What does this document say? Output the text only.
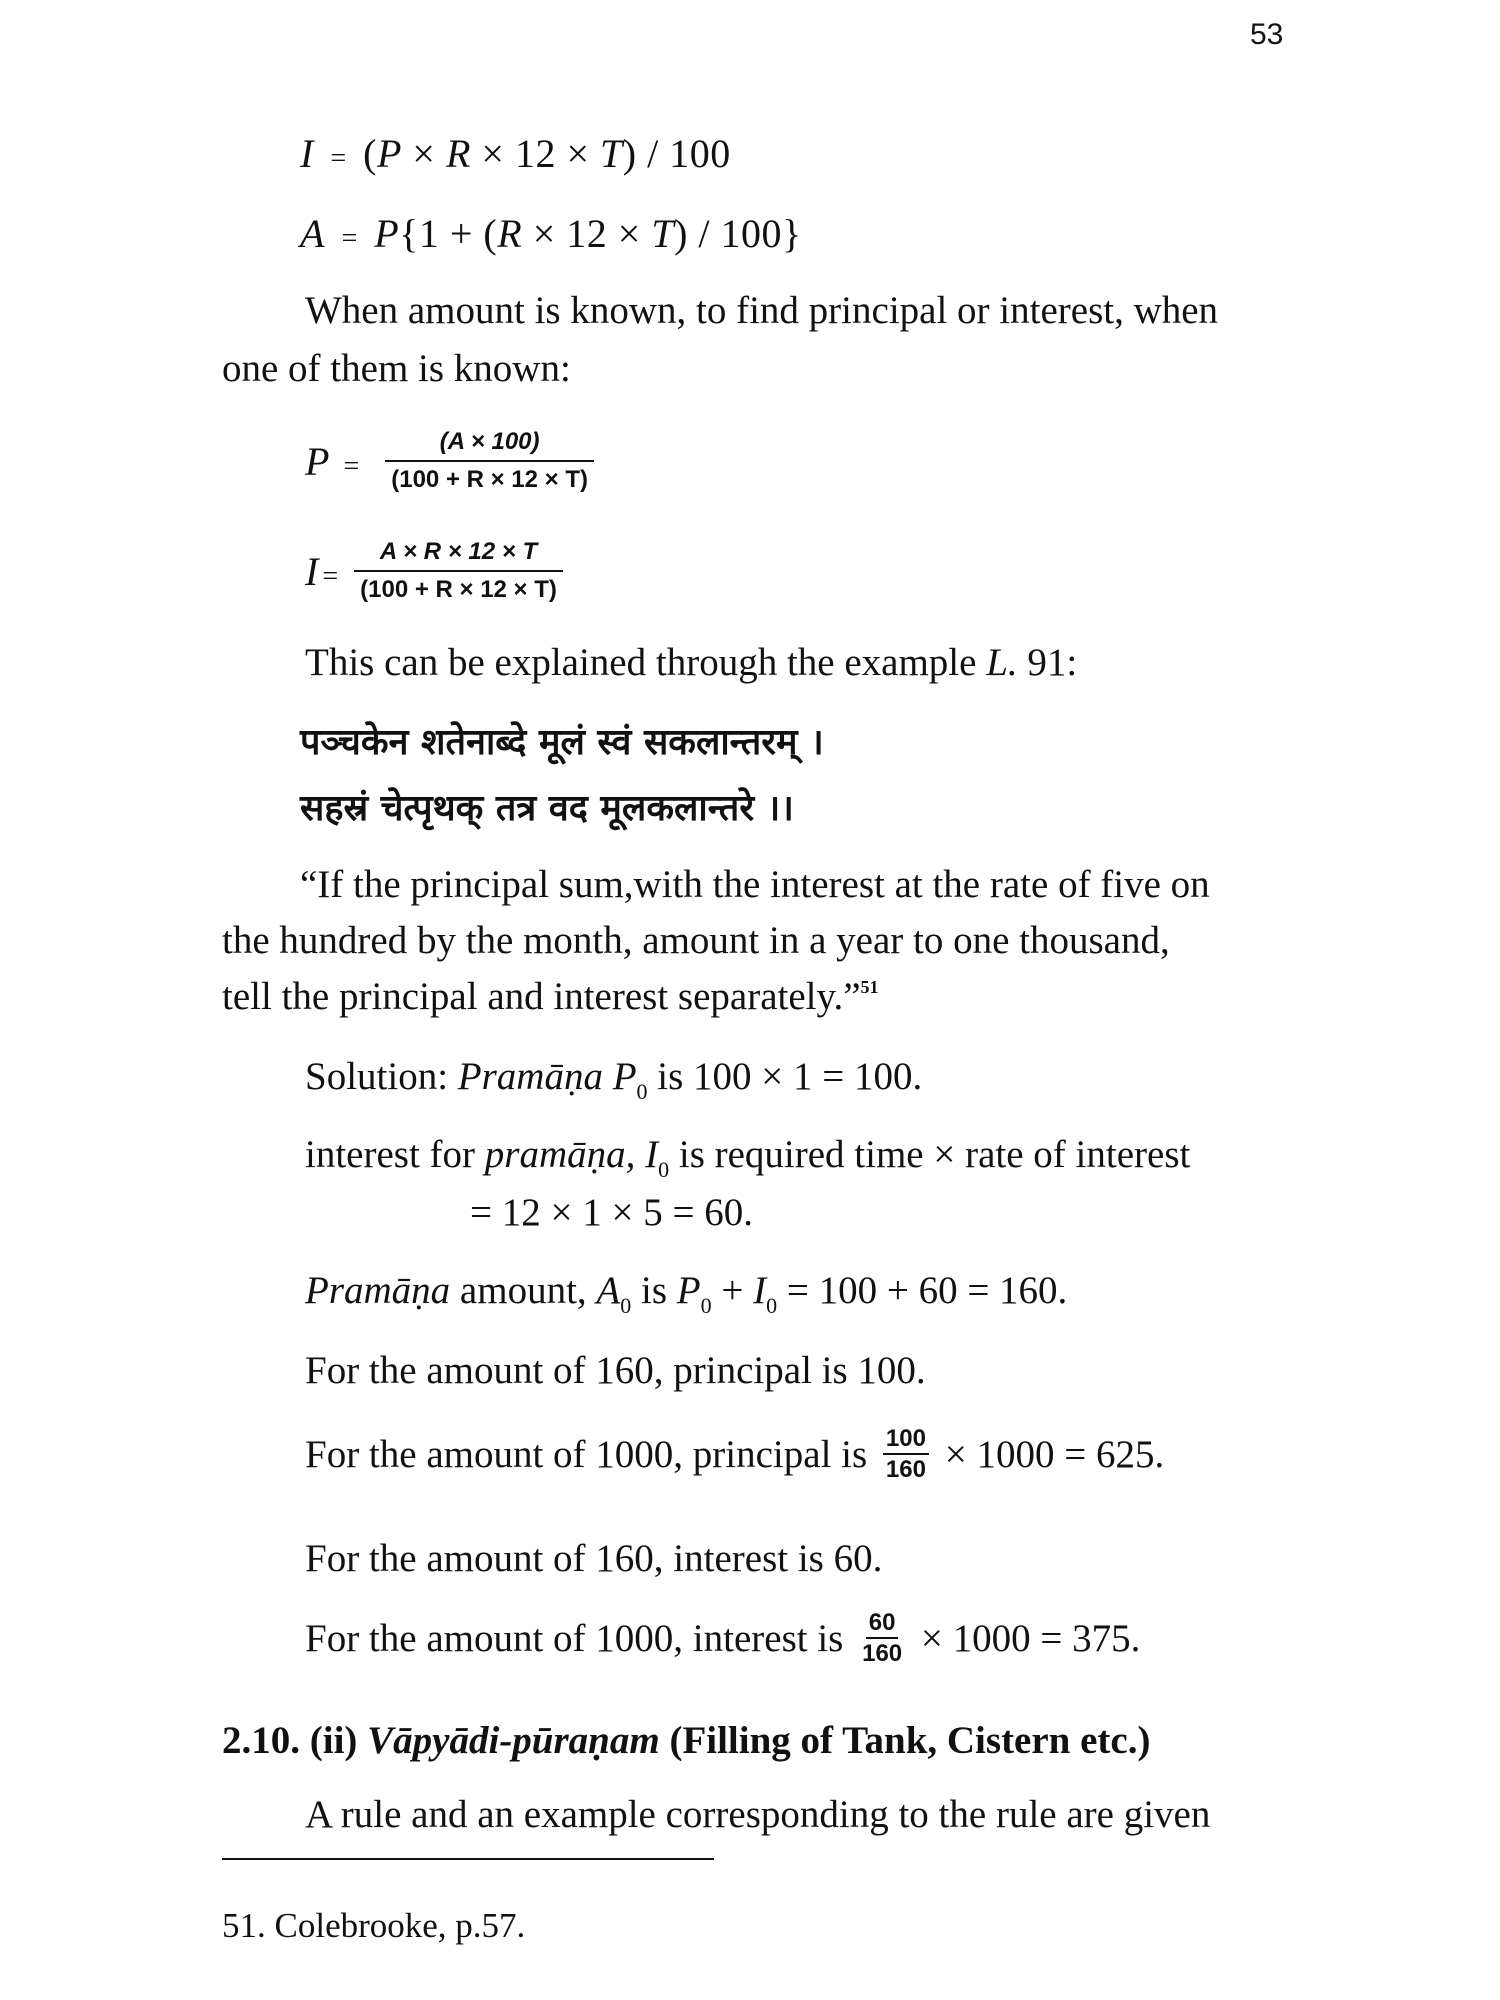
53
I = (P × R × 12 × T) / 100
A = P{1 + (R × 12 × T) / 100}
When amount is known, to find principal or interest, when
one of them is known:
P =	$\frac{(A \times 100)}{(100 + R \times 12 \times T)}$
$I = \frac{A \times R \times 12 \times T}{(100 + R \times 12 \times T)}$
This can be explained through the example L. 91:
पञ्चकेन शतेनाब्दे मूलं स्वं सकलान्तरम् ।
सहस्रं चेत्पृथक् तत्र वद मूलकलान्तरे ।।
“If the principal sum,with the interest at the rate of five on
the hundred by the month, amount in a year to one thousand,
tell the principal and interest separately.”$^{51}$
Solution: Pramāṇa $P_0$ is 100 × 1 = 100.
interest for pramāṇa, $I_0$ is required time × rate of interest
= 12 × 1 × 5 = 60.
Pramāṇa amount, $A_0$ is $P_0 + I_0 = 100 + 60 = 160$.
For the amount of 160, principal is 100.
For the amount of 1000, principal is $\frac{100}{160} \times 1000 = 625$.
For the amount of 160, interest is 60.
For the amount of 1000, interest is $\frac{60}{160} \times 1000 = 375$.
2.10. (ii) Vāpyādi-pūraṇam (Filling of Tank, Cistern etc.)
A rule and an example corresponding to the rule are given
51. Colebrooke, p.57.
